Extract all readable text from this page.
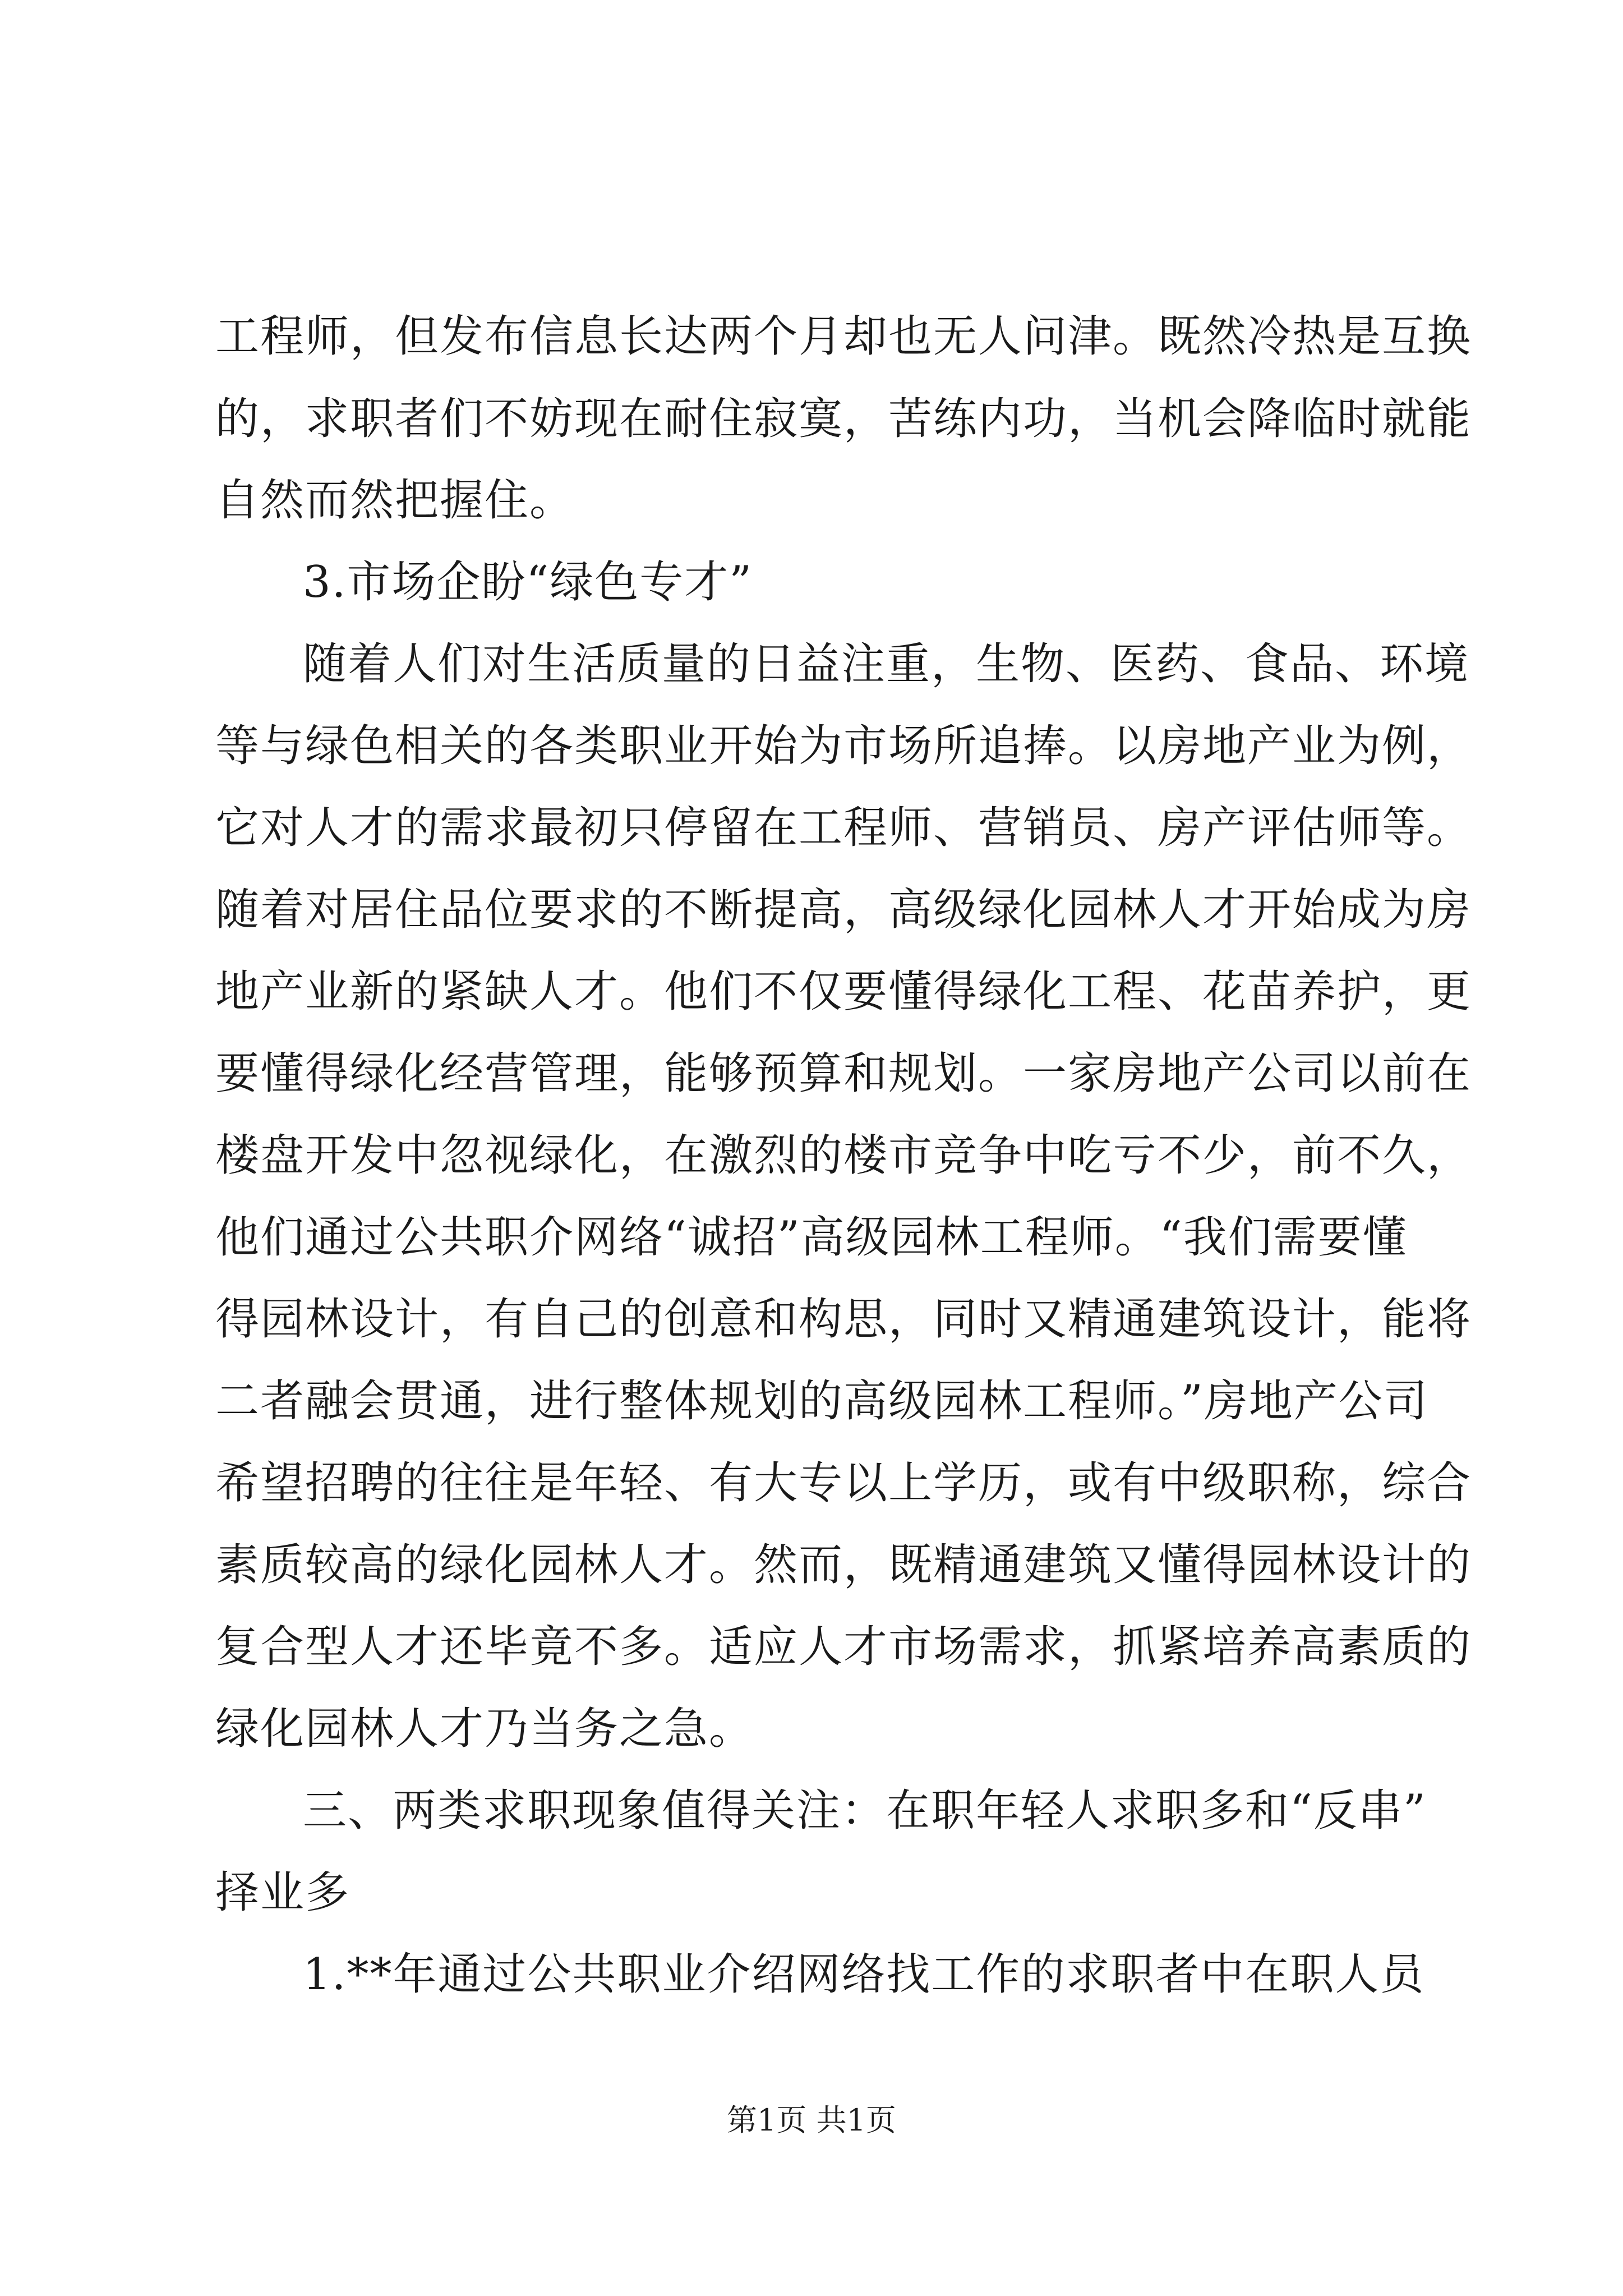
工程师，但发布信息长达两个月却也无人问津。既然冷热是互换
的，求职者们不妨现在耐住寂寞，苦练内功，当机会降临时就能
自然而然把握住。
3.市场企盼“绿色专才”
随着人们对生活质量的日益注重，生物、医药、食品、环境
等与绿色相关的各类职业开始为市场所追捧。以房地产业为例，
它对人才的需求最初只停留在工程师、营销员、房产评估师等。
随着对居住品位要求的不断提高，高级绿化园林人才开始成为房
地产业新的紧缺人才。他们不仅要懂得绿化工程、花苗养护，更
要懂得绿化经营管理，能够预算和规划。一家房地产公司以前在
楼盘开发中忽视绿化，在激烈的楼市竞争中吃亏不少，前不久，
他们通过公共职介网络“诚招”高级园林工程师。“我们需要懂
得园林设计，有自己的创意和构思，同时又精通建筑设计，能将
二者融会贯通，进行整体规划的高级园林工程师。”房地产公司
希望招聘的往往是年轻、有大专以上学历，或有中级职称，综合
素质较高的绿化园林人才。然而，既精通建筑又懂得园林设计的
复合型人才还毕竟不多。适应人才市场需求，抓紧培养高素质的
绿化园林人才乃当务之急。
三、两类求职现象值得关注：在职年轻人求职多和“反串”
择业多
1.**年通过公共职业介绍网络找工作的求职者中在职人员
第1页 共1页
